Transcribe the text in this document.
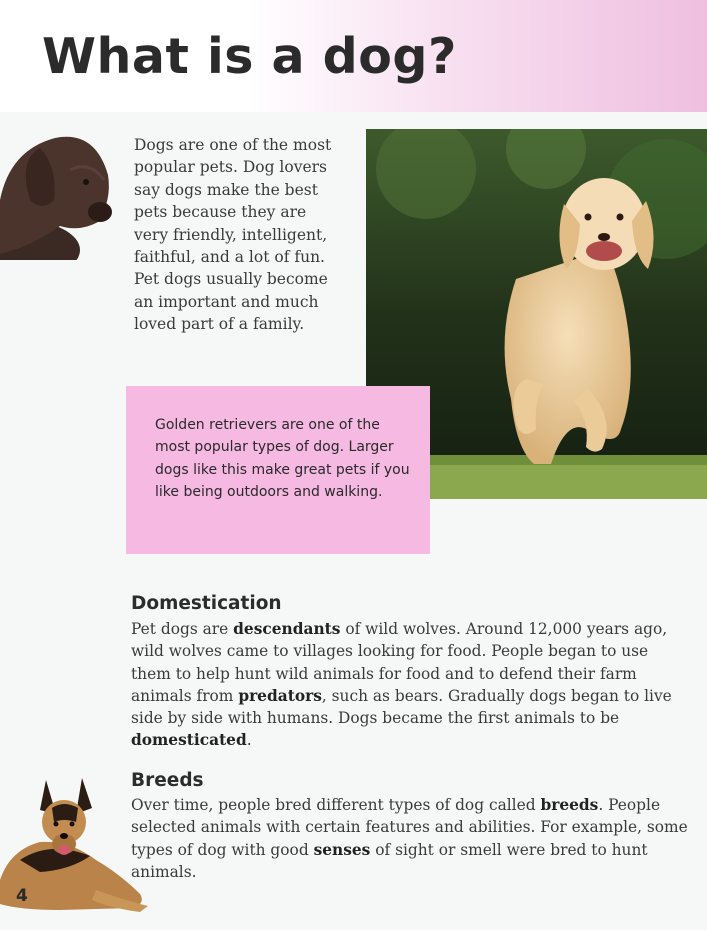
What is a dog?

Dogs are one of the most popular pets. Dog lovers say dogs make the best pets because they are very friendly, intelligent, faithful, and a lot of fun. Pet dogs usually become an important and much loved part of a family.

Golden retrievers are one of the most popular types of dog. Larger dogs like this make great pets if you like being outdoors and walking.

Domestication

Pet dogs are descendants of wild wolves. Around 12,000 years ago, wild wolves came to villages looking for food. People began to use them to help hunt wild animals for food and to defend their farm animals from predators, such as bears. Gradually dogs began to live side by side with humans. Dogs became the first animals to be domesticated.

Breeds

Over time, people bred different types of dog called breeds. People selected animals with certain features and abilities. For example, some types of dog with good senses of sight or smell were bred to hunt animals.

4
